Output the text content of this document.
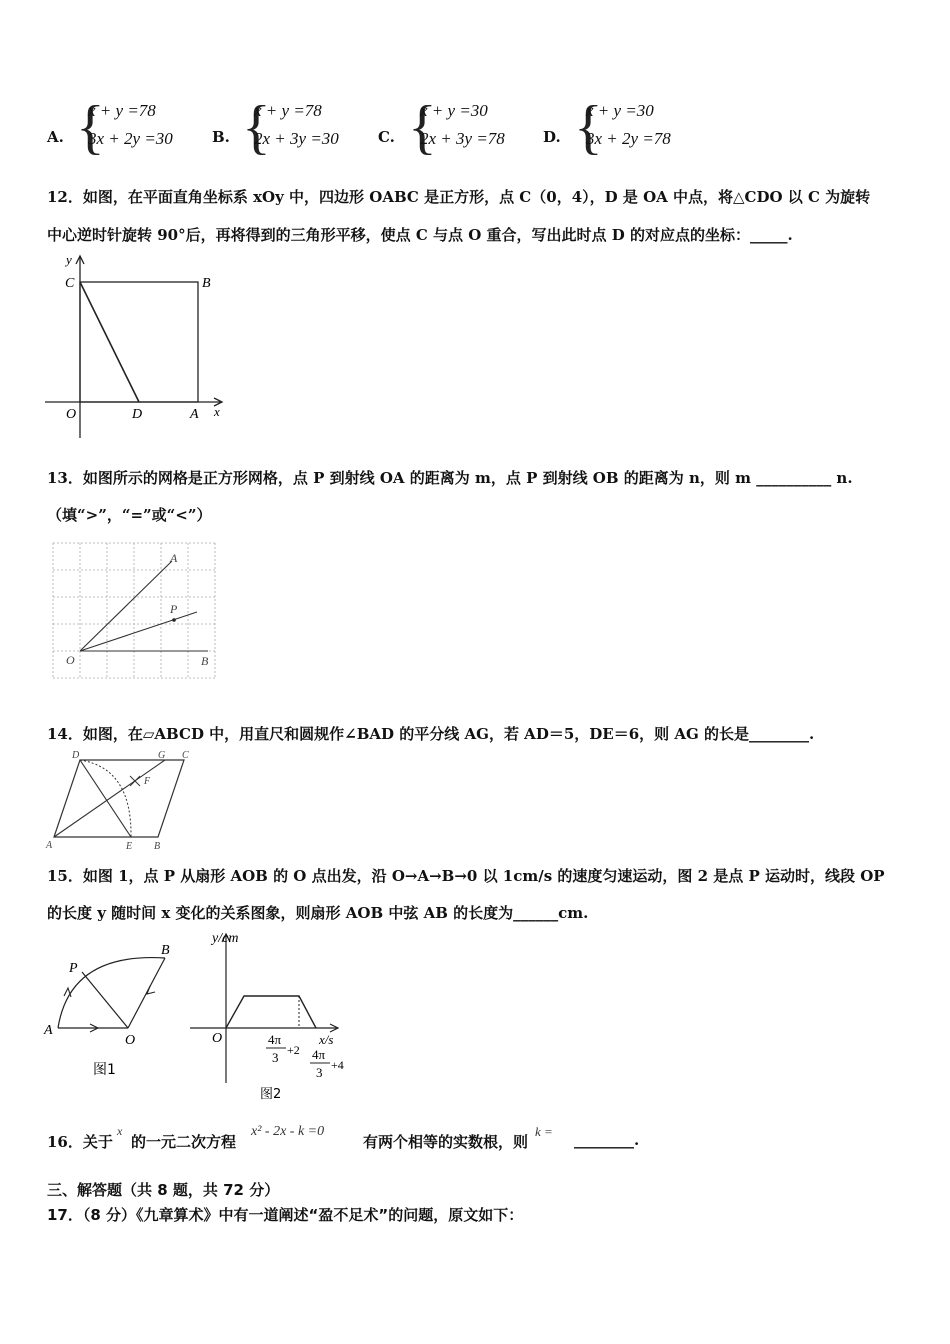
A. {
x + y =78
3x + 2y =30	B. {
x + y =78
2x + 3y =30	C. {
x + y =30
2x + 3y =78	D. {
x + y =30
3x + 2y =78
12．如图，在平面直角坐标系 xOy 中，四边形 OABC 是正方形，点 C（0，4），D 是 OA 中点，将△CDO 以 C 为旋转
中心逆时针旋转 90°后，再将得到的三角形平移，使点 C 与点 O 重合，写出此时点 D 的对应点的坐标：_____.
y
C	B
O	D	A x
13．如图所示的网格是正方形网格，点 P 到射线 OA 的距离为 m，点 P 到射线 OB 的距离为 n，则 m __________ n.
（填“>”，“=”或“<”）
A
P
O	B
14．如图，在▱ABCD 中，用直尺和圆规作∠BAD 的平分线 AG，若 AD＝5，DE＝6，则 AG 的长是________.
D	G C
F
A	E B
15．如图 1，点 P 从扇形 AOB 的 O 点出发，沿 O→A→B→0 以 1cm/s 的速度匀速运动，图 2 是点 P 运动时，线段 OP
的长度 y 随时间 x 变化的关系图象，则扇形 AOB 中弦 AB 的长度为______cm.
P
B
A
O
图1
y/cm
x/s
O	4π
3 +2 4π
3 +4
图2
16．关于
x
的一元二次方程
x² - 2x - k =0
有两个相等的实数根，则
k = ________.
三、解答题（共 8 题，共 72 分）
17．（8 分）《九章算术》中有一道阐述“盈不足术”的问题，原文如下：
